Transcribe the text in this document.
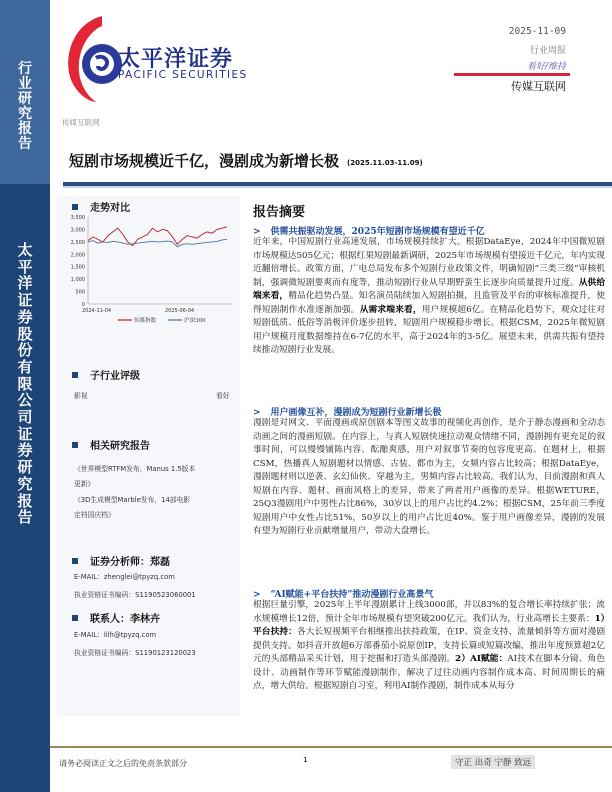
行
业
研
究
报
告
太
平
洋
证
券
股
份
有
限
公
司
证
券
研
究
报
告
太平洋证券
PACIFIC SECURITIES
2025-11-09
行业周报
看好/维持
传媒互联网
传媒互联网
短剧市场规模近千亿，漫剧成为新增长极 (2025.11.03-11.09)
走势对比
0
500
1,000
1,500
2,000
2,500
3,000
3,500
2024-11-04	2025-06-04
传媒指数	沪深300
子行业评级
影视	看好
相关研究报告
《世界模型RTFM发布，Manus 1.5版本
更新》
《3D生成模型Marble发布，14部电影
定档国庆档》
证券分析师：郑磊
E-MAIL：zhenglei@tpyzq.com
执业资格证书编码：S1190523060001
联系人：李林卉
E-MAIL：lilh@tpyzq.com
执业资格证书编码：S1190123120023
报告摘要
> 供需共振驱动发展，2025年短剧市场规模有望近千亿
近年来，中国短剧行业高速发展，市场规模持续扩大。根据DataEye，2024年中国微短剧市场规模达505亿元；根据红果短剧最新调研，2025年市场规模有望接近千亿元，年内实现近翻倍增长。政策方面，广电总局发布多个短剧行业政策文件，明确短剧“三类三级”审核机制，强调微短剧要爽而有度等，推动短剧行业从早期野蛮生长逐步向质量提升过度。从供给端来看，精品化趋势凸显。知名演员陆续加入短剧拍摄，且监管及平台的审核标准提升，使得短剧制作水准逐渐加强。从需求端来看，用户规模超6亿。在精品化趋势下，观众过往对短剧低质、低俗等消极评价逐步扭转，短剧用户规模稳步增长。根据CSM，2025年微短剧用户规模月度数据维持在6-7亿的水平，高于2024年的3-5亿。展望未来，供需共振有望持续推动短剧行业发展。
> 用户画像互补，漫剧成为短剧行业新增长极
漫剧是对网文、平面漫画或原创剧本等图文故事的视频化再创作，是介于静态漫画和全动态动画之间的漫画短剧。在内容上，与真人短剧快速拉动观众情绪不同，漫剧拥有更充足的叙事时间，可以慢慢铺陈内容、酝酿爽感，用户对叙事节奏的包容度更高。在题材上，根据CSM，热播真人短剧题材以情感、古装、都市为主，女频内容占比较高；根据DataEye，漫剧题材则以逆袭、玄幻仙侠、穿越为主，男频内容占比较高。我们认为，目前漫剧和真人短剧在内容、题材、画面风格上的差异，带来了两者用户画像的差异。根据WETURE，25Q3漫剧用户中男性占比86%，30岁以上的用户占比约4.2%；根据CSM，25年前三季度短剧用户中女性占比51%，50岁以上的用户占比近40%。鉴于用户画像差异，漫剧的发展有望为短剧行业贡献增量用户，带动大盘增长。
> “AI赋能+平台扶持”推动漫剧行业高景气
根据巨量引擎，2025年上半年漫剧累计上线3000部，并以83%的复合增长率持续扩张；流水规模增长12倍，预计全年市场规模有望突破200亿元。我们认为，行业高增长主要系：1）平台扶持：各大长短视频平台相继推出扶持政策，在IP、资金支持、流量倾斜等方面对漫剧提供支持。如抖音开放超6万部番茄小说原创IP，支持长篇或短篇改编，推出年度预算超2亿元的头部精品采买计划，用于挖掘和打造头部漫剧。2）AI赋能：AI技术在脚本分镜、角色设计、动画制作等环节赋能漫剧制作，解决了过往动画内容制作成本高、时间周期长的痛点，增大供给。根据短剧自习室，利用AI制作漫剧，制作成本从每分
请务必阅读正文之后的免责条款部分	1	守正 出奇 宁静 致远
